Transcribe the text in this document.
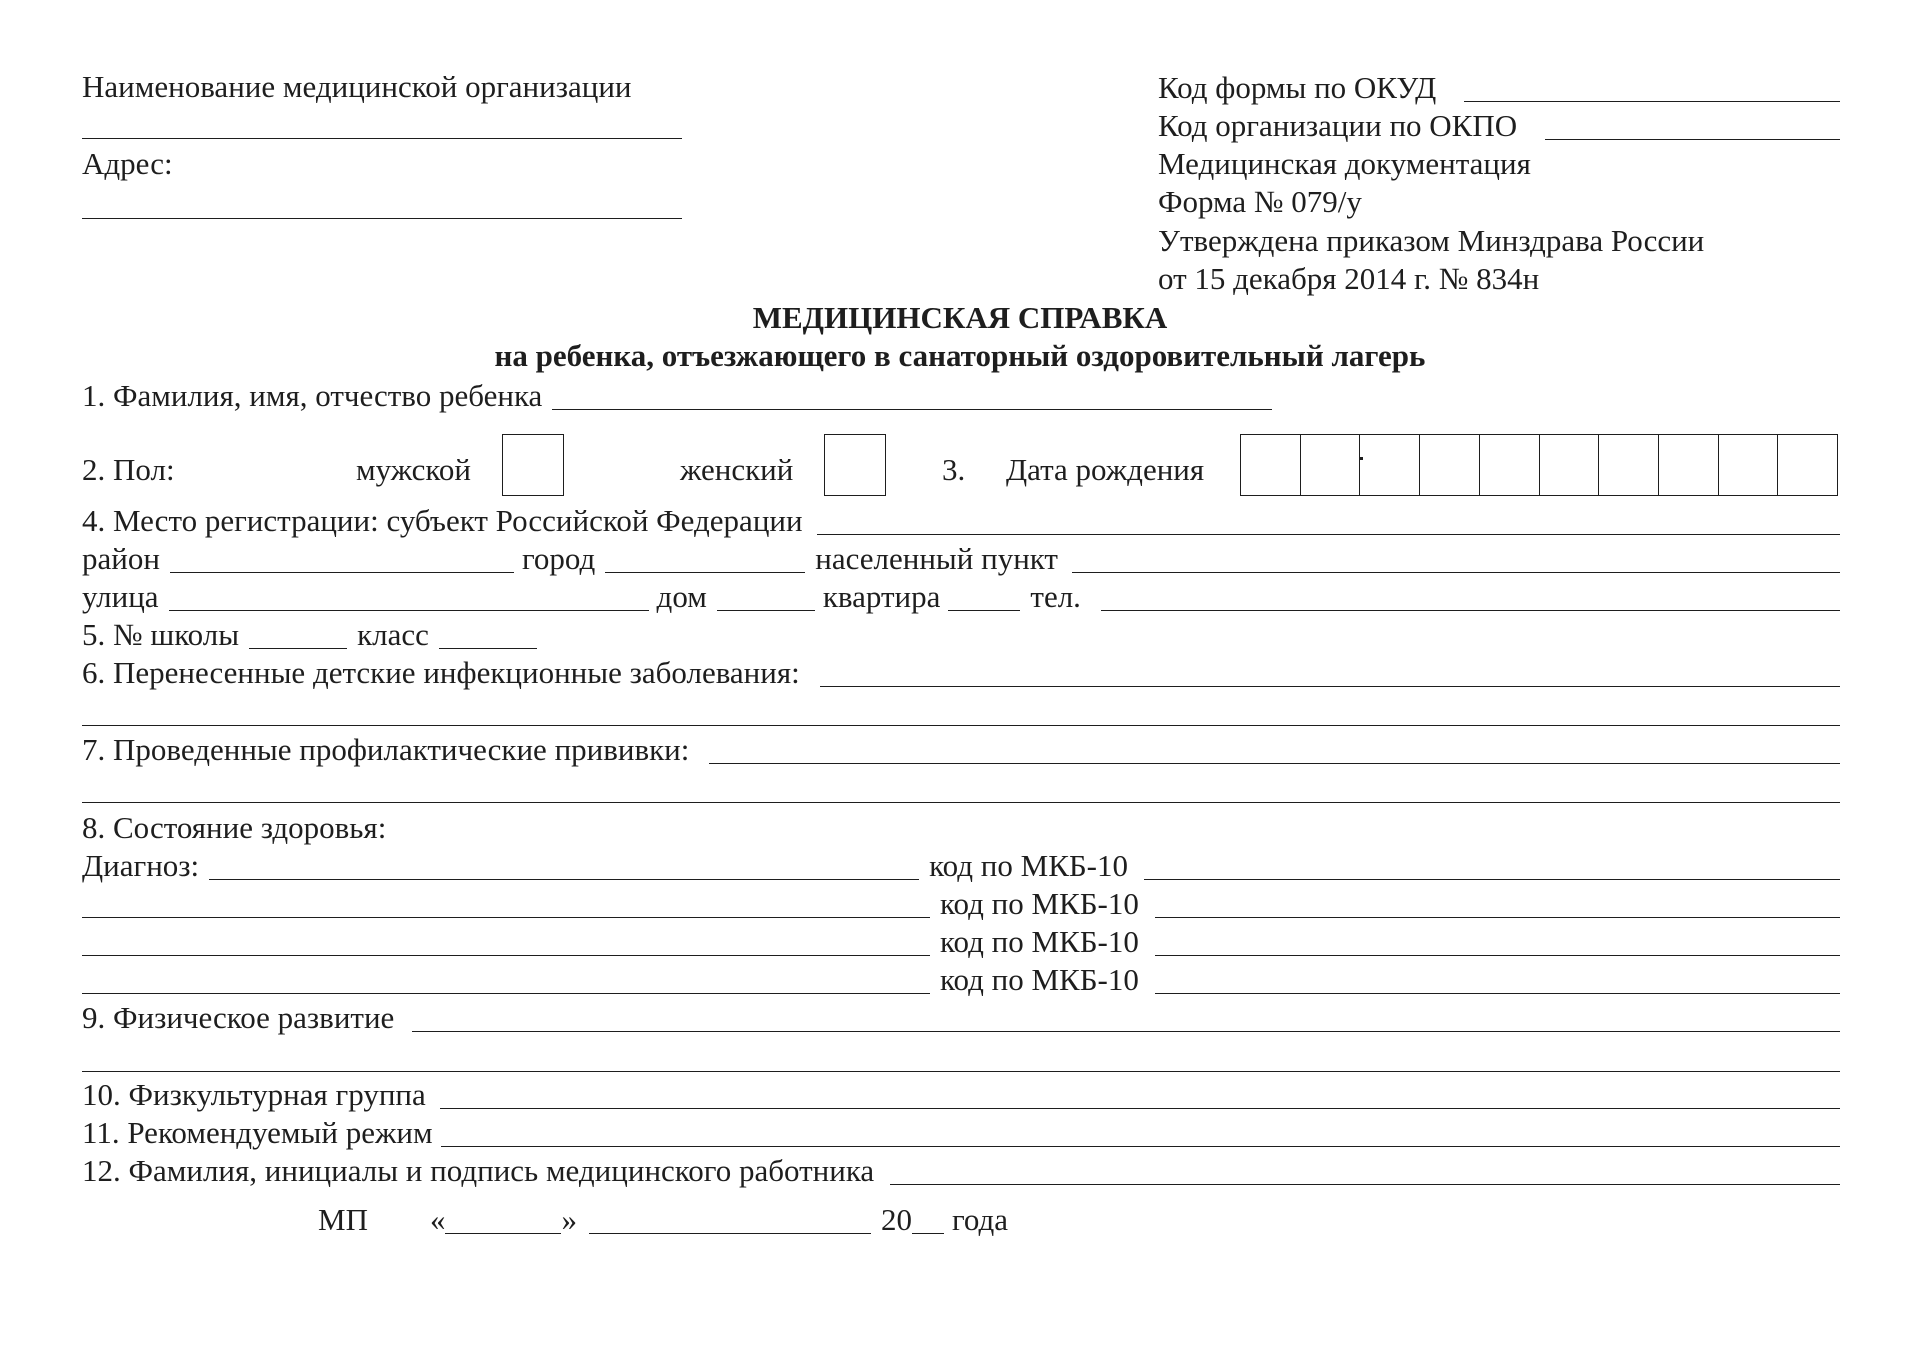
Наименование медицинской организации
Адрес:
Код формы по ОКУД
Код организации по ОКПО
Медицинская документация
Форма № 079/у
Утверждена приказом Минздрава России
от 15 декабря 2014 г. № 834н
МЕДИЦИНСКАЯ СПРАВКА
на ребенка, отъезжающего в санаторный оздоровительный лагерь
1. Фамилия, имя, отчество ребенка
2. Пол:	мужской	женский	3. Дата рождения
4. Место регистрации: субъект Российской Федерации
район	город	населенный пункт
улица	дом	квартира	тел.
5. № школы	класс
6. Перенесенные детские инфекционные заболевания:
7. Проведенные профилактические прививки:
8. Состояние здоровья:
Диагноз:	код по МКБ-10
код по МКБ-10
код по МКБ-10
код по МКБ-10
9. Физическое развитие
10. Физкультурная группа
11. Рекомендуемый режим
12. Фамилия, инициалы и подпись медицинского работника
МП «	»	20 года
